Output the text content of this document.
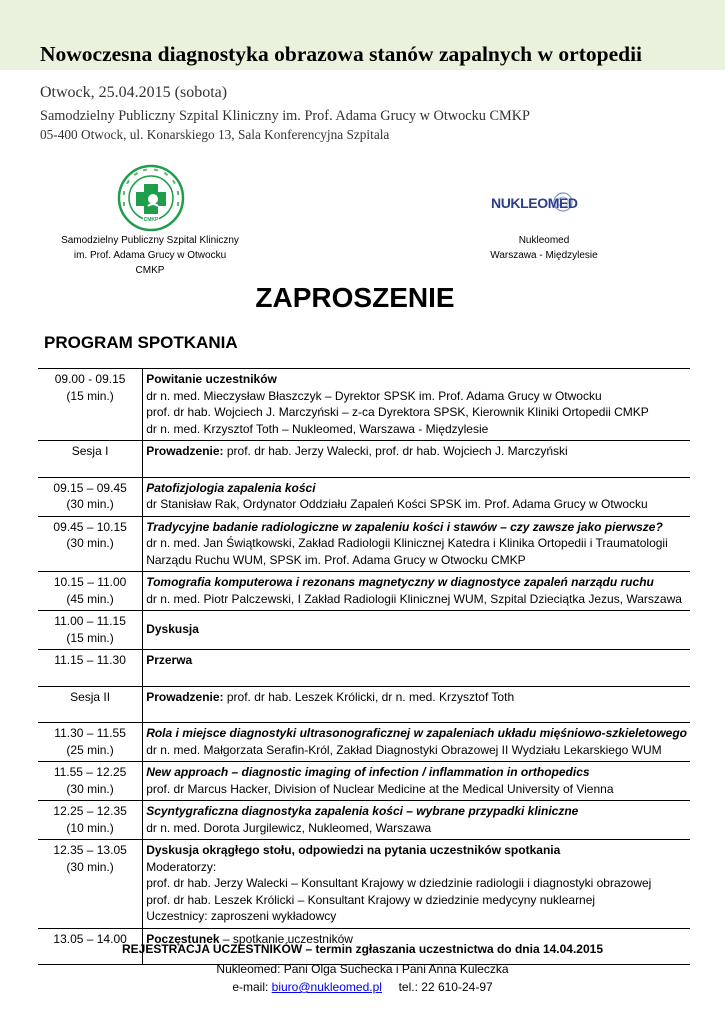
Nowoczesna diagnostyka obrazowa stanów zapalnych w ortopedii

Otwock, 25.04.2015 (sobota)

Samodzielny Publiczny Szpital Kliniczny im. Prof. Adama Grucy w Otwocku CMKP

05-400 Otwock, ul. Konarskiego 13, Sala Konferencyjna Szpitala

CMKP
NUKLEOMED
Samodzielny Publiczny Szpital Kliniczny
im. Prof. Adama Grucy w Otwocku
CMKP
Nukleomed
Warszawa - Międzylesie
ZAPROSZENIE
PROGRAM SPOTKANIA
09.00 - 09.15
(15 min.)	Powitanie uczestników
dr n. med. Mieczysław Błaszczyk – Dyrektor SPSK im. Prof. Adama Grucy w Otwocku
prof. dr hab. Wojciech J. Marczyński – z-ca Dyrektora SPSK, Kierownik Kliniki Ortopedii CMKP
dr n. med. Krzysztof Toth – Nukleomed, Warszawa - Międzylesie

Sesja I	Prowadzenie: prof. dr hab. Jerzy Walecki, prof. dr hab. Wojciech J. Marczyński

09.15 – 09.45
(30 min.)	Patofizjologia zapalenia kości
dr Stanisław Rak, Ordynator Oddziału Zapaleń Kości SPSK im. Prof. Adama Grucy w Otwocku

09.45 – 10.15
(30 min.)	Tradycyjne badanie radiologiczne w zapaleniu kości i stawów – czy zawsze jako pierwsze?
dr n. med. Jan Świątkowski, Zakład Radiologii Klinicznej Katedra i Klinika Ortopedii i Traumatologii
Narządu Ruchu WUM, SPSK im. Prof. Adama Grucy w Otwocku CMKP

10.15 – 11.00
(45 min.)	Tomografia komputerowa i rezonans magnetyczny w diagnostyce zapaleń narządu ruchu
dr n. med. Piotr Palczewski, I Zakład Radiologii Klinicznej WUM, Szpital Dzieciątka Jezus, Warszawa

11.00 – 11.15
(15 min.)	Dyskusja

11.15 – 11.30	Przerwa

Sesja II	Prowadzenie: prof. dr hab. Leszek Królicki, dr n. med. Krzysztof Toth

11.30 – 11.55
(25 min.)	Rola i miejsce diagnostyki ultrasonograficznej w zapaleniach układu mięśniowo-szkieletowego
dr n. med. Małgorzata Serafin-Król, Zakład Diagnostyki Obrazowej II Wydziału Lekarskiego WUM

11.55 – 12.25
(30 min.)	New approach – diagnostic imaging of infection / inflammation in orthopedics
prof. dr Marcus Hacker, Division of Nuclear Medicine at the Medical University of Vienna

12.25 – 12.35
(10 min.)	Scyntygraficzna diagnostyka zapalenia kości – wybrane przypadki kliniczne
dr n. med. Dorota Jurgilewicz, Nukleomed, Warszawa

12.35 – 13.05
(30 min.)	Dyskusja okrągłego stołu, odpowiedzi na pytania uczestników spotkania
Moderatorzy:
prof. dr hab. Jerzy Walecki – Konsultant Krajowy w dziedzinie radiologii i diagnostyki obrazowej
prof. dr hab. Leszek Królicki – Konsultant Krajowy w dziedzinie medycyny nuklearnej
Uczestnicy: zaproszeni wykładowcy

13.05 – 14.00	Poczęstunek – spotkanie uczestników
REJESTRACJA UCZESTNIKÓW – termin zgłaszania uczestnictwa do dnia 14.04.2015
Nukleomed: Pani Olga Suchecka i Pani Anna Kuleczka
e-mail: biuro@nukleomed.pl tel.: 22 610-24-97
